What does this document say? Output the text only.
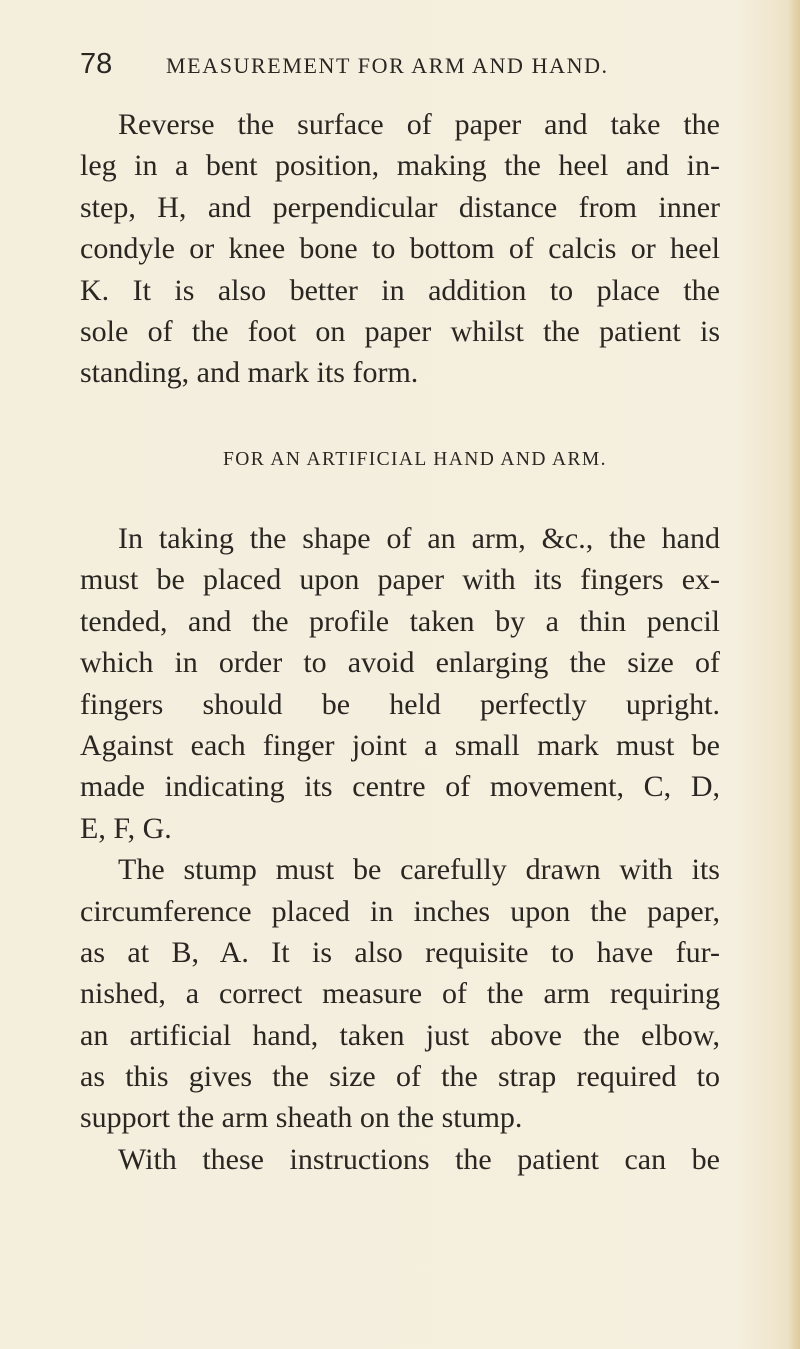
78 MEASUREMENT FOR ARM AND HAND.
Reverse the surface of paper and take the
leg in a bent position, making the heel and in-
step, H, and perpendicular distance from inner
condyle or knee bone to bottom of calcis or heel
K. It is also better in addition to place the
sole of the foot on paper whilst the patient is
standing, and mark its form.
FOR AN ARTIFICIAL HAND AND ARM.
In taking the shape of an arm, &c., the hand
must be placed upon paper with its fingers ex-
tended, and the profile taken by a thin pencil
which in order to avoid enlarging the size of
fingers should be held perfectly upright.
Against each finger joint a small mark must be
made indicating its centre of movement, C, D,
E, F, G.
The stump must be carefully drawn with its
circumference placed in inches upon the paper,
as at B, A. It is also requisite to have fur-
nished, a correct measure of the arm requiring
an artificial hand, taken just above the elbow,
as this gives the size of the strap required to
support the arm sheath on the stump.
With these instructions the patient can be
